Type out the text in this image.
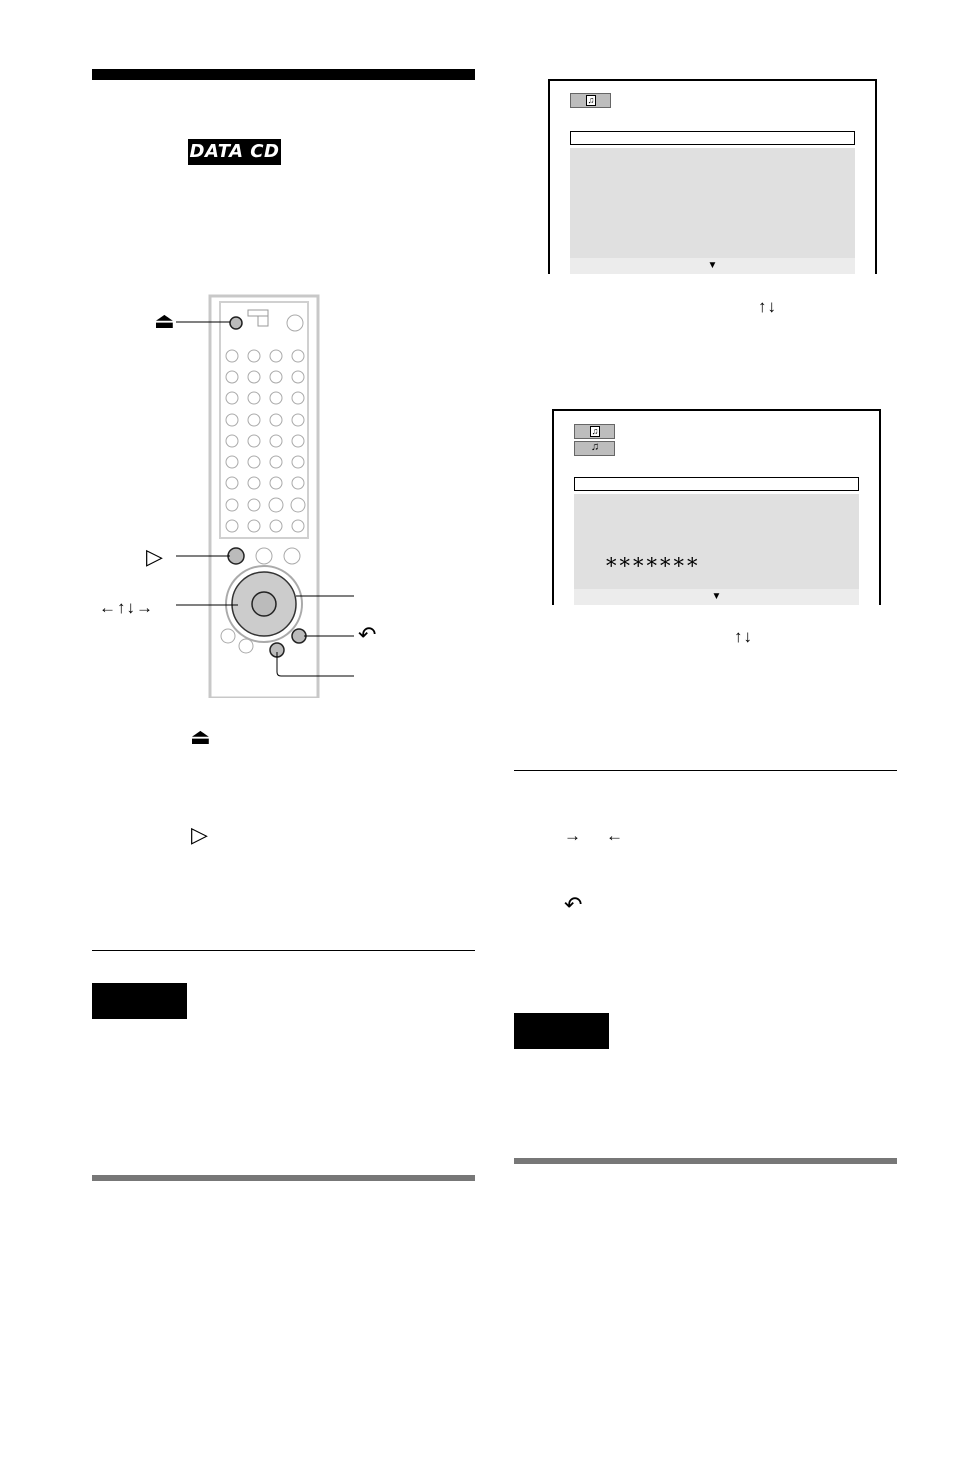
DATA CD
⏏
▷
←↑↓→
↶
⏏
▷
♫
▼
↑↓
♫
♫
*******
▼
↑↓
→ ←
↶
